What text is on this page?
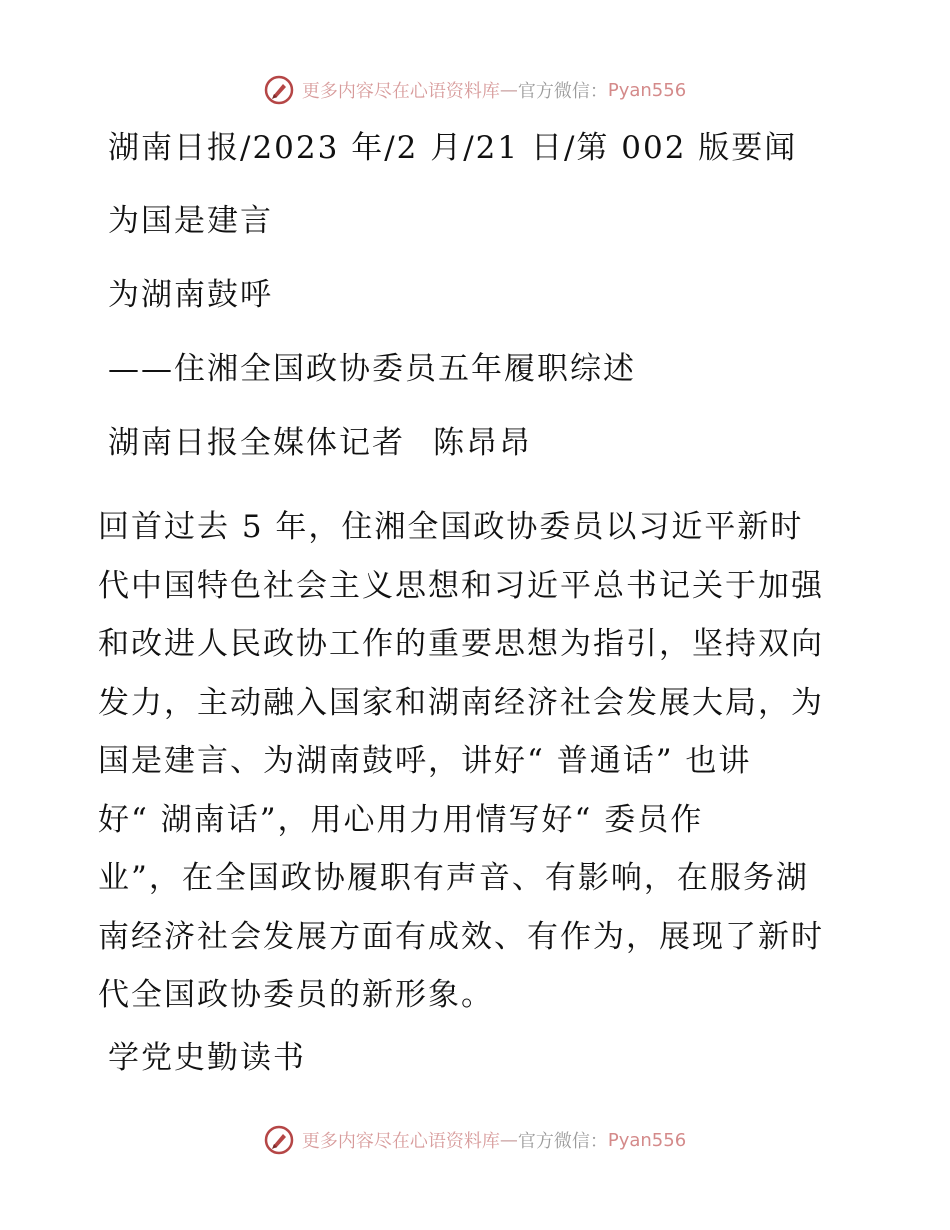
更多内容尽在心语资料库 — 官方微信： Pyan556
湖南日报/2023 年/2 月/21 日/第 002 版要闻
为国是建言
为湖南鼓呼
——住湘全国政协委员五年履职综述
湖南日报全媒体记者 陈昂昂
回首过去 5 年，住湘全国政协委员以习近平新时
代中国特色社会主义思想和习近平总书记关于加强
和改进人民政协工作的重要思想为指引，坚持双向
发力，主动融入国家和湖南经济社会发展大局，为
国是建言、为湖南鼓呼，讲好“ 普通话” 也讲
好“ 湖南话”，用心用力用情写好“ 委员作
业”，在全国政协履职有声音、有影响，在服务湖
南经济社会发展方面有成效、有作为，展现了新时
代全国政协委员的新形象。
学党史勤读书
更多内容尽在心语资料库 — 官方微信： Pyan556
